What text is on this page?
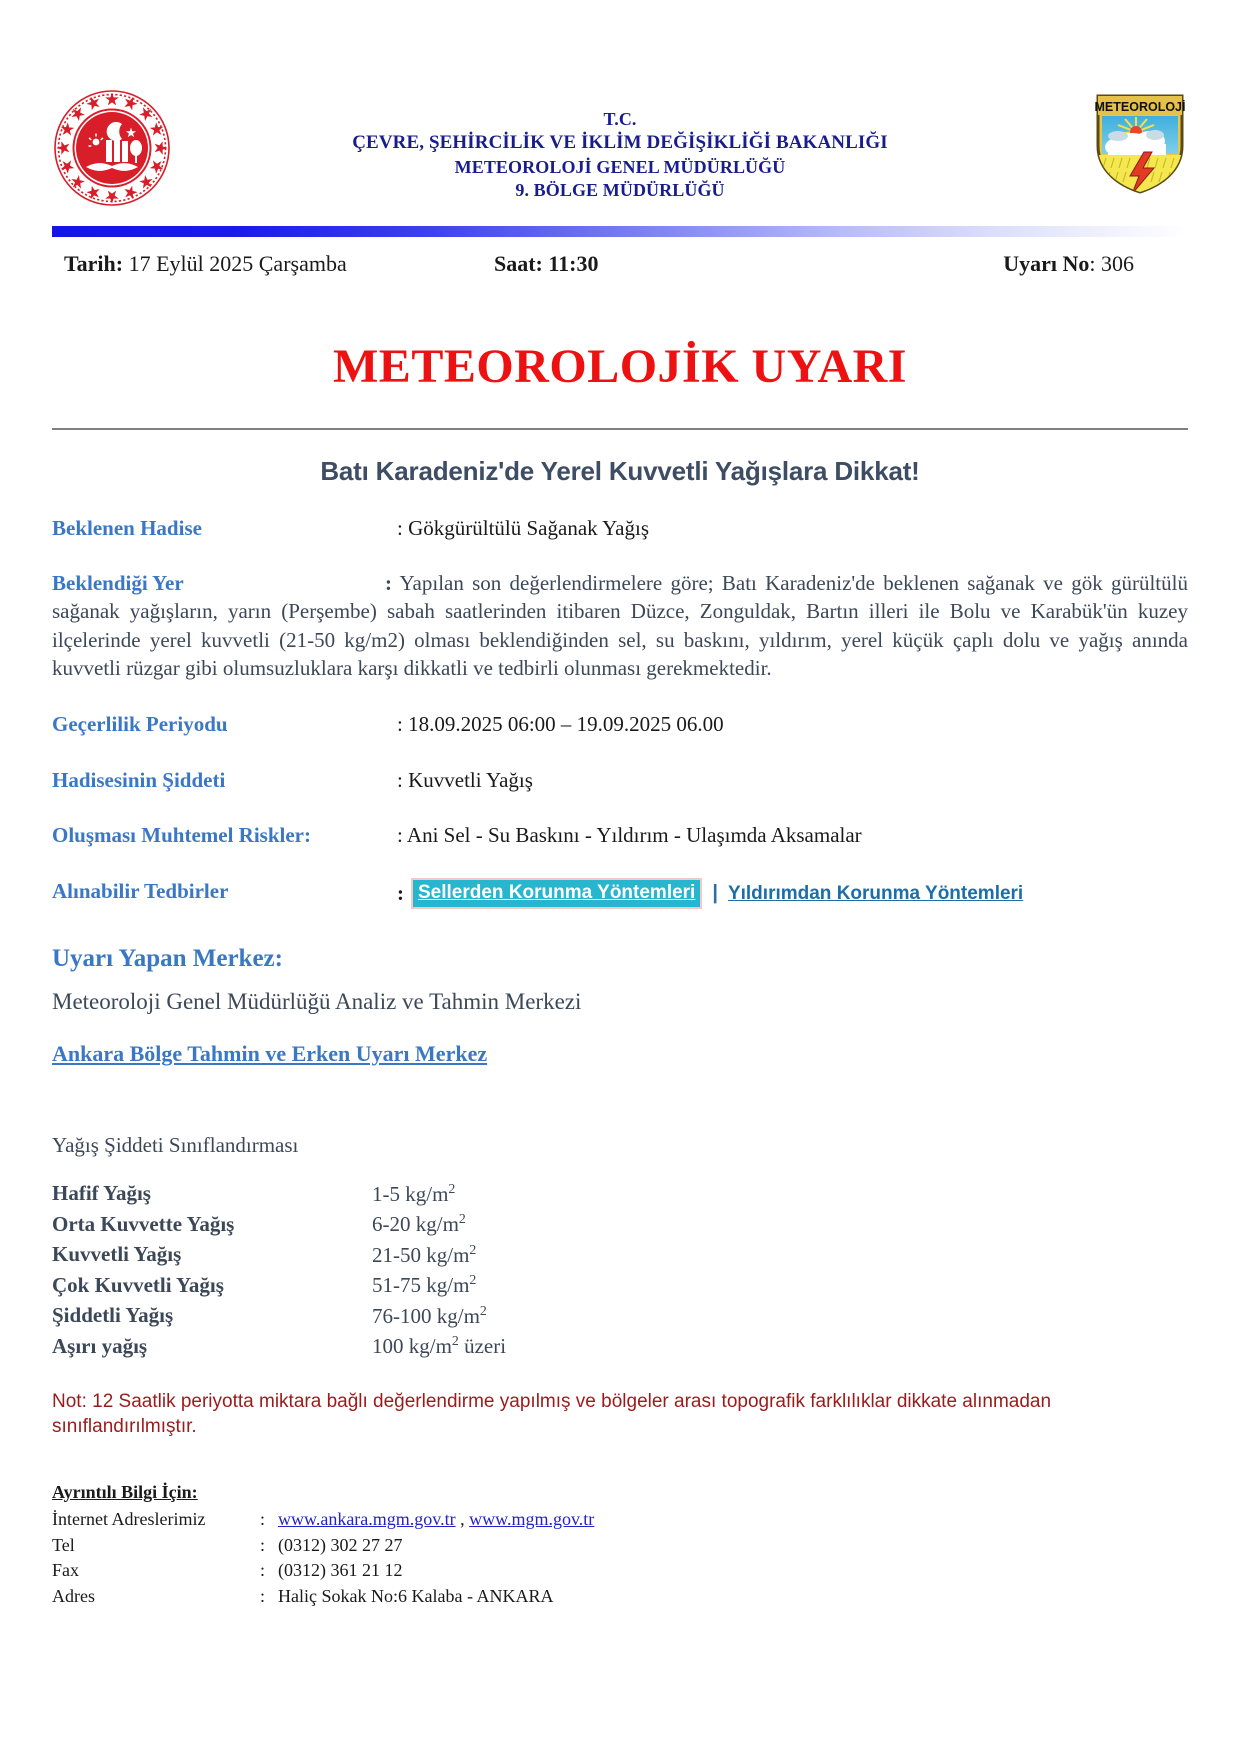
T.C.
ÇEVRE, ŞEHİRCİLİK VE İKLİM DEĞİŞİKLİĞİ BAKANLIĞI
METEOROLOJİ GENEL MÜDÜRLÜĞÜ
9. BÖLGE MÜDÜRLÜĞÜ
METEOROLOJİ
Tarih: 17 Eylül 2025 Çarşamba	Saat: 11:30	Uyarı No: 306
METEOROLOJİK UYARI
Batı Karadeniz'de Yerel Kuvvetli Yağışlara Dikkat!
Beklenen Hadise	: Gökgürültülü Sağanak Yağış
Beklendiği Yer	: Yapılan son değerlendirmelere göre; Batı Karadeniz'de beklenen sağanak ve gök gürültülü sağanak yağışların, yarın (Perşembe) sabah saatlerinden itibaren Düzce, Zonguldak, Bartın illeri ile Bolu ve Karabük'ün kuzey ilçelerinde yerel kuvvetli (21-50 kg/m2) olması beklendiğinden sel, su baskını, yıldırım, yerel küçük çaplı dolu ve yağış anında kuvvetli rüzgar gibi olumsuzluklara karşı dikkatli ve tedbirli olunması gerekmektedir.
Geçerlilik Periyodu	: 18.09.2025 06:00 – 19.09.2025 06.00
Hadisesinin Şiddeti	: Kuvvetli Yağış
Oluşması Muhtemel Riskler:	: Ani Sel - Su Baskını - Yıldırım - Ulaşımda Aksamalar
Alınabilir Tedbirler	: Sellerden Korunma Yöntemleri | Yıldırımdan Korunma Yöntemleri
Uyarı Yapan Merkez:
Meteoroloji Genel Müdürlüğü Analiz ve Tahmin Merkezi
Ankara Bölge Tahmin ve Erken Uyarı Merkez
Yağış Şiddeti Sınıflandırması
Hafif Yağış	1-5 $kg/m^2$
Orta Kuvvette Yağış	6-20 $kg/m^2$
Kuvvetli Yağış	21-50 $kg/m^2$
Çok Kuvvetli Yağış	51-75 $kg/m^2$
Şiddetli Yağış	76-100 $kg/m^2$
Aşırı yağış	100 $kg/m^2$ üzeri
Not: 12 Saatlik periyotta miktara bağlı değerlendirme yapılmış ve bölgeler arası topografik farklılıklar dikkate alınmadan sınıflandırılmıştır.
Ayrıntılı Bilgi İçin:
İnternet Adreslerimiz	:	www.ankara.mgm.gov.tr , www.mgm.gov.tr
Tel	:	(0312) 302 27 27
Fax	:	(0312) 361 21 12
Adres	:	Haliç Sokak No:6 Kalaba - ANKARA
